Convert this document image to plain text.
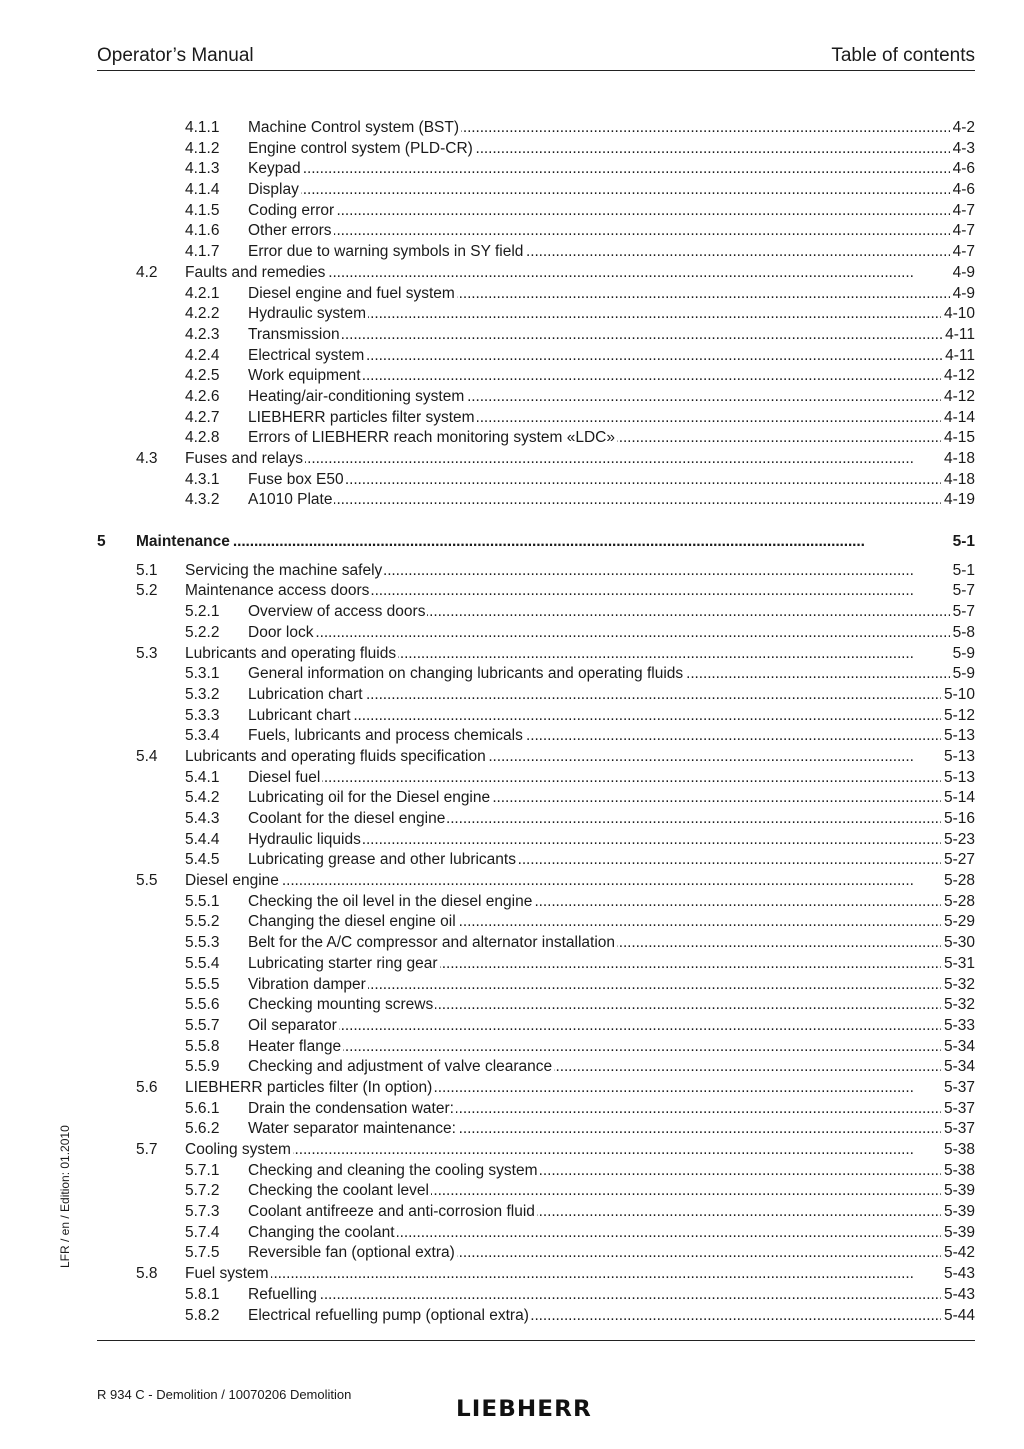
Operator’s Manual	Table of contents
LFR / en / Edition: 01.2010
4.1.1 Machine Control system (BST) . . .	4-2
4.1.2 Engine control system (PLD-CR) . . .	4-3
4.1.3 Keypad . . .	4-6
4.1.4 Display . . .	4-6
4.1.5 Coding error . . .	4-7
4.1.6 Other errors . . .	4-7
4.1.7 Error due to warning symbols in SY field . . .	4-7
4.2 Faults and remedies . . .	4-9
4.2.1 Diesel engine and fuel system . . .	4-9
4.2.2 Hydraulic system . . .	4-10
4.2.3 Transmission . . .	4-11
4.2.4 Electrical system . . .	4-11
4.2.5 Work equipment . . .	4-12
4.2.6 Heating/air-conditioning system . . .	4-12
4.2.7 LIEBHERR particles filter system . . .	4-14
4.2.8 Errors of LIEBHERR reach monitoring system «LDC» . . .	4-15
4.3 Fuses and relays . . .	4-18
4.3.1 Fuse box E50 . . .	4-18
4.3.2 A1010 Plate . . .	4-19
5 Maintenance . . .	5-1
5.1 Servicing the machine safely . . .	5-1
5.2 Maintenance access doors . . .	5-7
5.2.1 Overview of access doors . . .	5-7
5.2.2 Door lock . . .	5-8
5.3 Lubricants and operating fluids . . .	5-9
5.3.1 General information on changing lubricants and operating fluids . . .	5-9
5.3.2 Lubrication chart . . .	5-10
5.3.3 Lubricant chart . . .	5-12
5.3.4 Fuels, lubricants and process chemicals . . .	5-13
5.4 Lubricants and operating fluids specification . . .	5-13
5.4.1 Diesel fuel . . .	5-13
5.4.2 Lubricating oil for the Diesel engine . . .	5-14
5.4.3 Coolant for the diesel engine . . .	5-16
5.4.4 Hydraulic liquids . . .	5-23
5.4.5 Lubricating grease and other lubricants . . .	5-27
5.5 Diesel engine . . .	5-28
5.5.1 Checking the oil level in the diesel engine . . .	5-28
5.5.2 Changing the diesel engine oil . . .	5-29
5.5.3 Belt for the A/C compressor and alternator installation . . .	5-30
5.5.4 Lubricating starter ring gear . . .	5-31
5.5.5 Vibration damper . . .	5-32
5.5.6 Checking mounting screws . . .	5-32
5.5.7 Oil separator . . .	5-33
5.5.8 Heater flange . . .	5-34
5.5.9 Checking and adjustment of valve clearance . . .	5-34
5.6 LIEBHERR particles filter (In option) . . .	5-37
5.6.1 Drain the condensation water: . . .	5-37
5.6.2 Water separator maintenance: . . .	5-37
5.7 Cooling system . . .	5-38
5.7.1 Checking and cleaning the cooling system . . .	5-38
5.7.2 Checking the coolant level . . .	5-39
5.7.3 Coolant antifreeze and anti-corrosion fluid . . .	5-39
5.7.4 Changing the coolant . . .	5-39
5.7.5 Reversible fan (optional extra) . . .	5-42
5.8 Fuel system . . .	5-43
5.8.1 Refuelling . . .	5-43
5.8.2 Electrical refuelling pump (optional extra) . . .	5-44
R 934 C - Demolition / 10070206 Demolition
LIEBHERR
